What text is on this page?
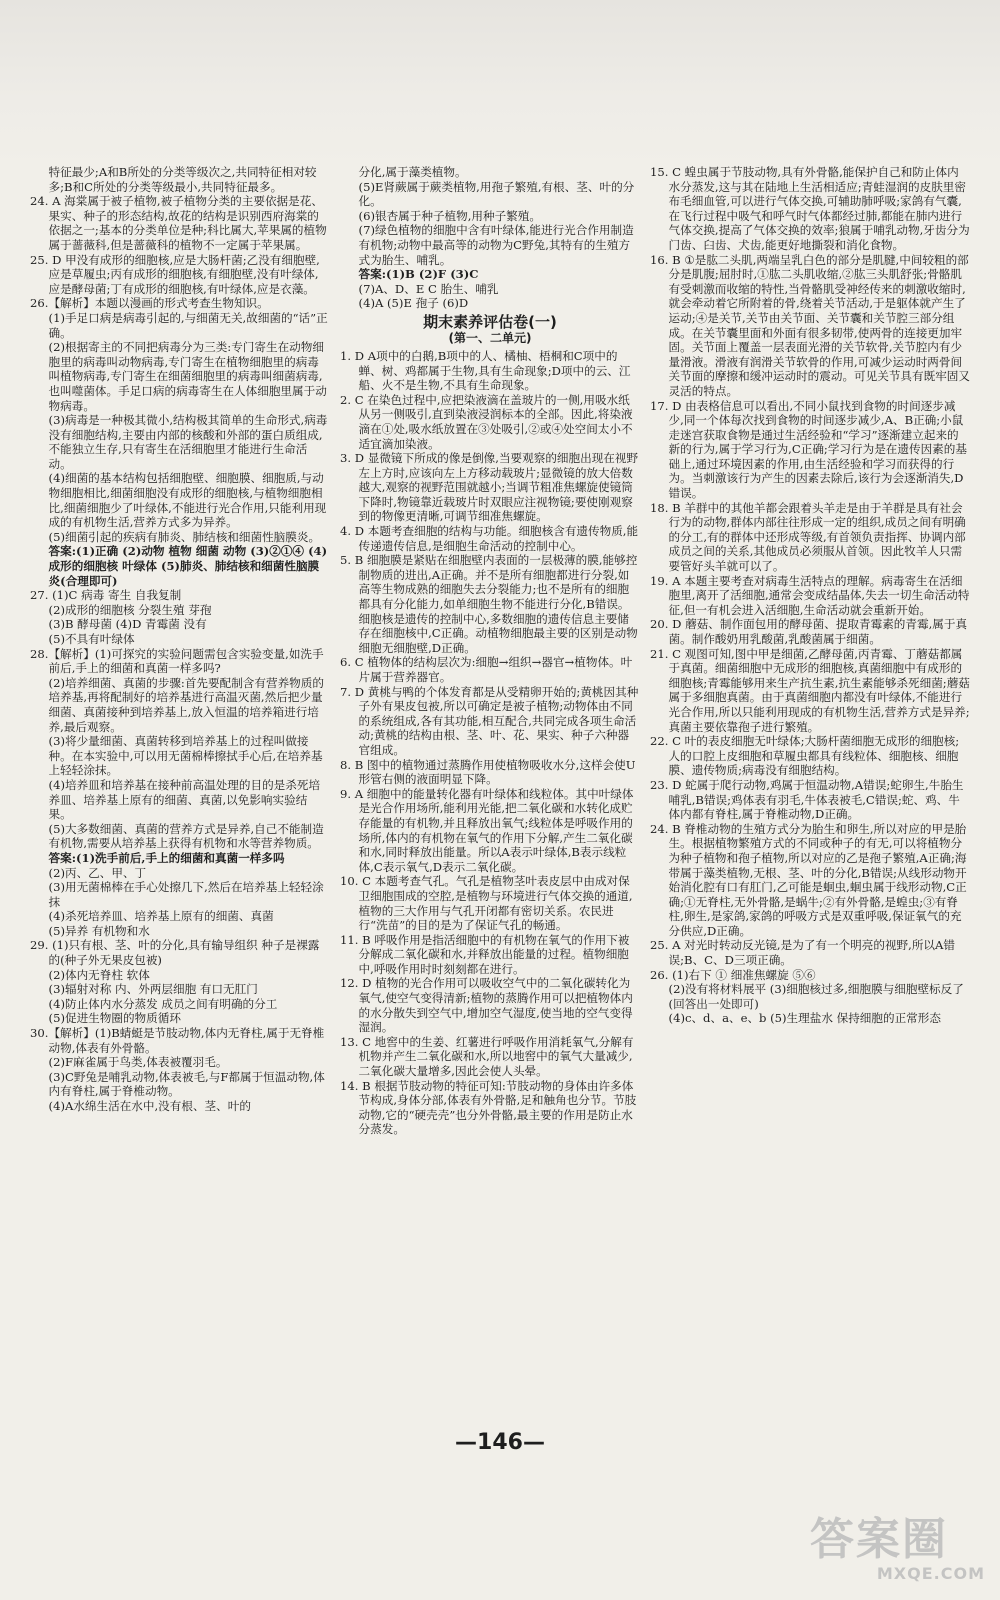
特征最少;A和B所处的分类等级次之,共同特征相对较多;B和C所处的分类等级最小,共同特征最多。

24. A 海棠属于被子植物,被子植物分类的主要依据是花、果实、种子的形态结构,故花的结构是识别西府海棠的依据之一;基本的分类单位是种;科比属大,苹果属的植物属于蔷薇科,但是蔷薇科的植物不一定属于苹果属。

25. D 甲没有成形的细胞核,应是大肠杆菌;乙没有细胞壁,应是草履虫;丙有成形的细胞核,有细胞壁,没有叶绿体,应是酵母菌;丁有成形的细胞核,有叶绿体,应是衣藻。

26.【解析】本题以漫画的形式考查生物知识。

(1)手足口病是病毒引起的,与细菌无关,故细菌的“话”正确。

(2)根据寄主的不同把病毒分为三类:专门寄生在动物细胞里的病毒叫动物病毒,专门寄生在植物细胞里的病毒叫植物病毒,专门寄生在细菌细胞里的病毒叫细菌病毒,也叫噬菌体。手足口病的病毒寄生在人体细胞里属于动物病毒。

(3)病毒是一种极其微小,结构极其简单的生命形式,病毒没有细胞结构,主要由内部的核酸和外部的蛋白质组成,不能独立生存,只有寄生在活细胞里才能进行生命活动。

(4)细菌的基本结构包括细胞壁、细胞膜、细胞质,与动物细胞相比,细菌细胞没有成形的细胞核,与植物细胞相比,细菌细胞少了叶绿体,不能进行光合作用,只能利用现成的有机物生活,营养方式多为异养。

(5)细菌引起的疾病有肺炎、肺结核和细菌性脑膜炎。

答案:(1)正确 (2)动物 植物 细菌 动物 (3)②①④ (4)成形的细胞核 叶绿体 (5)肺炎、肺结核和细菌性脑膜炎(合理即可)

27. (1)C 病毒 寄生 自我复制

(2)成形的细胞核 分裂生殖 芽孢

(3)B 酵母菌 (4)D 青霉菌 没有

(5)不具有叶绿体

28.【解析】(1)可探究的实验问题需包含实验变量,如洗手前后,手上的细菌和真菌一样多吗?

(2)培养细菌、真菌的步骤:首先要配制含有营养物质的培养基,再将配制好的培养基进行高温灭菌,然后把少量细菌、真菌接种到培养基上,放入恒温的培养箱进行培养,最后观察。

(3)将少量细菌、真菌转移到培养基上的过程叫做接种。在本实验中,可以用无菌棉棒擦拭手心后,在培养基上轻轻涂抹。

(4)培养皿和培养基在接种前高温处理的目的是杀死培养皿、培养基上原有的细菌、真菌,以免影响实验结果。

(5)大多数细菌、真菌的营养方式是异养,自己不能制造有机物,需要从培养基上获得有机物和水等营养物质。

答案:(1)洗手前后,手上的细菌和真菌一样多吗

(2)丙、乙、甲、丁

(3)用无菌棉棒在手心处擦几下,然后在培养基上轻轻涂抹

(4)杀死培养皿、培养基上原有的细菌、真菌

(5)异养 有机物和水

29. (1)只有根、茎、叶的分化,具有输导组织 种子是裸露的(种子外无果皮包被)

(2)体内无脊柱 软体

(3)辐射对称 内、外两层细胞 有口无肛门

(4)防止体内水分蒸发 成员之间有明确的分工

(5)促进生物圈的物质循环

30.【解析】(1)B蜻蜓是节肢动物,体内无脊柱,属于无脊椎动物,体表有外骨骼。

(2)F麻雀属于鸟类,体表被覆羽毛。

(3)C野兔是哺乳动物,体表被毛,与F都属于恒温动物,体内有脊柱,属于脊椎动物。

(4)A水绵生活在水中,没有根、茎、叶的

分化,属于藻类植物。

(5)E肾蕨属于蕨类植物,用孢子繁殖,有根、茎、叶的分化。

(6)银杏属于种子植物,用种子繁殖。

(7)绿色植物的细胞中含有叶绿体,能进行光合作用制造有机物;动物中最高等的动物为C野兔,其特有的生殖方式为胎生、哺乳。

答案:(1)B (2)F (3)C

(7)A、D、E C 胎生、哺乳

(4)A (5)E 孢子 (6)D

期末素养评估卷(一)
(第一、二单元)

1. D A项中的白鹅,B项中的人、橘柚、梧桐和C项中的蝉、树、鸡都属于生物,具有生命现象;D项中的云、江船、火不是生物,不具有生命现象。

2. C 在染色过程中,应把染液滴在盖玻片的一侧,用吸水纸从另一侧吸引,直到染液浸润标本的全部。因此,将染液滴在①处,吸水纸放置在③处吸引,②或④处空间太小不适宜滴加染液。

3. D 显微镜下所成的像是倒像,当要观察的细胞出现在视野左上方时,应该向左上方移动载玻片;显微镜的放大倍数越大,观察的视野范围就越小;当调节粗准焦螺旋使镜筒下降时,物镜靠近载玻片时双眼应注视物镜;要使刚观察到的物像更清晰,可调节细准焦螺旋。

4. D 本题考查细胞的结构与功能。细胞核含有遗传物质,能传递遗传信息,是细胞生命活动的控制中心。

5. B 细胞膜是紧贴在细胞壁内表面的一层极薄的膜,能够控制物质的进出,A正确。并不是所有细胞都进行分裂,如高等生物成熟的细胞失去分裂能力;也不是所有的细胞都具有分化能力,如单细胞生物不能进行分化,B错误。细胞核是遗传的控制中心,多数细胞的遗传信息主要储存在细胞核中,C正确。动植物细胞最主要的区别是动物细胞无细胞壁,D正确。

6. C 植物体的结构层次为:细胞→组织→器官→植物体。叶片属于营养器官。

7. D 黄桃与鸭的个体发育都是从受精卵开始的;黄桃因其种子外有果皮包被,所以可确定是被子植物;动物体由不同的系统组成,各有其功能,相互配合,共同完成各项生命活动;黄桃的结构由根、茎、叶、花、果实、种子六种器官组成。

8. B 图中的植物通过蒸腾作用使植物吸收水分,这样会使U形管右侧的液面明显下降。

9. A 细胞中的能量转化器有叶绿体和线粒体。其中叶绿体是光合作用场所,能利用光能,把二氧化碳和水转化成贮存能量的有机物,并且释放出氧气;线粒体是呼吸作用的场所,体内的有机物在氧气的作用下分解,产生二氧化碳和水,同时释放出能量。所以A表示叶绿体,B表示线粒体,C表示氧气,D表示二氧化碳。

10. C 本题考查气孔。气孔是植物茎叶表皮层中由成对保卫细胞围成的空腔,是植物与环境进行气体交换的通道,植物的三大作用与气孔开闭都有密切关系。农民进行“洗苗”的目的是为了保证气孔的畅通。

11. B 呼吸作用是指活细胞中的有机物在氧气的作用下被分解成二氧化碳和水,并释放出能量的过程。植物细胞中,呼吸作用时时刻刻都在进行。

12. D 植物的光合作用可以吸收空气中的二氧化碳转化为氧气,使空气变得清新;植物的蒸腾作用可以把植物体内的水分散失到空气中,增加空气湿度,使当地的空气变得湿润。

13. C 地窖中的生姜、红薯进行呼吸作用消耗氧气,分解有机物并产生二氧化碳和水,所以地窖中的氧气大量减少,二氧化碳大量增多,因此会使人头晕。

14. B 根据节肢动物的特征可知:节肢动物的身体由许多体节构成,身体分部,体表有外骨骼,足和触角也分节。节肢动物,它的“硬壳壳”也分外骨骼,最主要的作用是防止水分蒸发。

15. C 蝗虫属于节肢动物,具有外骨骼,能保护自己和防止体内水分蒸发,这与其在陆地上生活相适应;青蛙湿润的皮肤里密布毛细血管,可以进行气体交换,可辅助肺呼吸;家鸽有气囊,在飞行过程中吸气和呼气时气体都经过肺,都能在肺内进行气体交换,提高了气体交换的效率;狼属于哺乳动物,牙齿分为门齿、臼齿、犬齿,能更好地撕裂和消化食物。

16. B ①是肱二头肌,两端呈乳白色的部分是肌腱,中间较粗的部分是肌腹;屈肘时,①肱二头肌收缩,②肱三头肌舒张;骨骼肌有受刺激而收缩的特性,当骨骼肌受神经传来的刺激收缩时,就会牵动着它所附着的骨,绕着关节活动,于是躯体就产生了运动;④是关节,关节由关节面、关节囊和关节腔三部分组成。在关节囊里面和外面有很多韧带,使两骨的连接更加牢固。关节面上覆盖一层表面光滑的关节软骨,关节腔内有少量滑液。滑液有润滑关节软骨的作用,可减少运动时两骨间关节面的摩擦和缓冲运动时的震动。可见关节具有既牢固又灵活的特点。

17. D 由表格信息可以看出,不同小鼠找到食物的时间逐步减少,同一个体每次找到食物的时间逐步减少,A、B正确;小鼠走迷宫获取食物是通过生活经验和“学习”逐渐建立起来的新的行为,属于学习行为,C正确;学习行为是在遗传因素的基础上,通过环境因素的作用,由生活经验和学习而获得的行为。当刺激该行为产生的因素去除后,该行为会逐渐消失,D错误。

18. B 羊群中的其他羊都会跟着头羊走是由于羊群是具有社会行为的动物,群体内部往往形成一定的组织,成员之间有明确的分工,有的群体中还形成等级,有首领负责指挥、协调内部成员之间的关系,其他成员必须服从首领。因此牧羊人只需要管好头羊就可以了。

19. A 本题主要考查对病毒生活特点的理解。病毒寄生在活细胞里,离开了活细胞,通常会变成结晶体,失去一切生命活动特征,但一有机会进入活细胞,生命活动就会重新开始。

20. D 蘑菇、制作面包用的酵母菌、提取青霉素的青霉,属于真菌。制作酸奶用乳酸菌,乳酸菌属于细菌。

21. C 观图可知,图中甲是细菌,乙酵母菌,丙青霉、丁蘑菇都属于真菌。细菌细胞中无成形的细胞核,真菌细胞中有成形的细胞核;青霉能够用来生产抗生素,抗生素能够杀死细菌;蘑菇属于多细胞真菌。由于真菌细胞内都没有叶绿体,不能进行光合作用,所以只能利用现成的有机物生活,营养方式是异养;真菌主要依靠孢子进行繁殖。

22. C 叶的表皮细胞无叶绿体;大肠杆菌细胞无成形的细胞核;人的口腔上皮细胞和草履虫都具有线粒体、细胞核、细胞膜、遗传物质;病毒没有细胞结构。

23. D 蛇属于爬行动物,鸡属于恒温动物,A错误;蛇卵生,牛胎生哺乳,B错误;鸡体表有羽毛,牛体表被毛,C错误;蛇、鸡、牛体内都有脊柱,属于脊椎动物,D正确。

24. B 脊椎动物的生殖方式分为胎生和卵生,所以对应的甲是胎生。根据植物繁殖方式的不同或种子的有无,可以将植物分为种子植物和孢子植物,所以对应的乙是孢子繁殖,A正确;海带属于藻类植物,无根、茎、叶的分化,B错误;从线形动物开始消化腔有口有肛门,乙可能是蛔虫,蛔虫属于线形动物,C正确;①无脊柱,无外骨骼,是蜗牛;②有外骨骼,是蝗虫;③有脊柱,卵生,是家鸽,家鸽的呼吸方式是双重呼吸,保证氧气的充分供应,D正确。

25. A 对光时转动反光镜,是为了有一个明亮的视野,所以A错误;B、C、D三项正确。

26. (1)右下 ① 细准焦螺旋 ⑤⑥

(2)没有将材料展平 (3)细胞核过多,细胞膜与细胞壁标反了(回答出一处即可)

(4)c、d、a、e、b (5)生理盐水 保持细胞的正常形态

—146—
答案圈
MXQE.COM
